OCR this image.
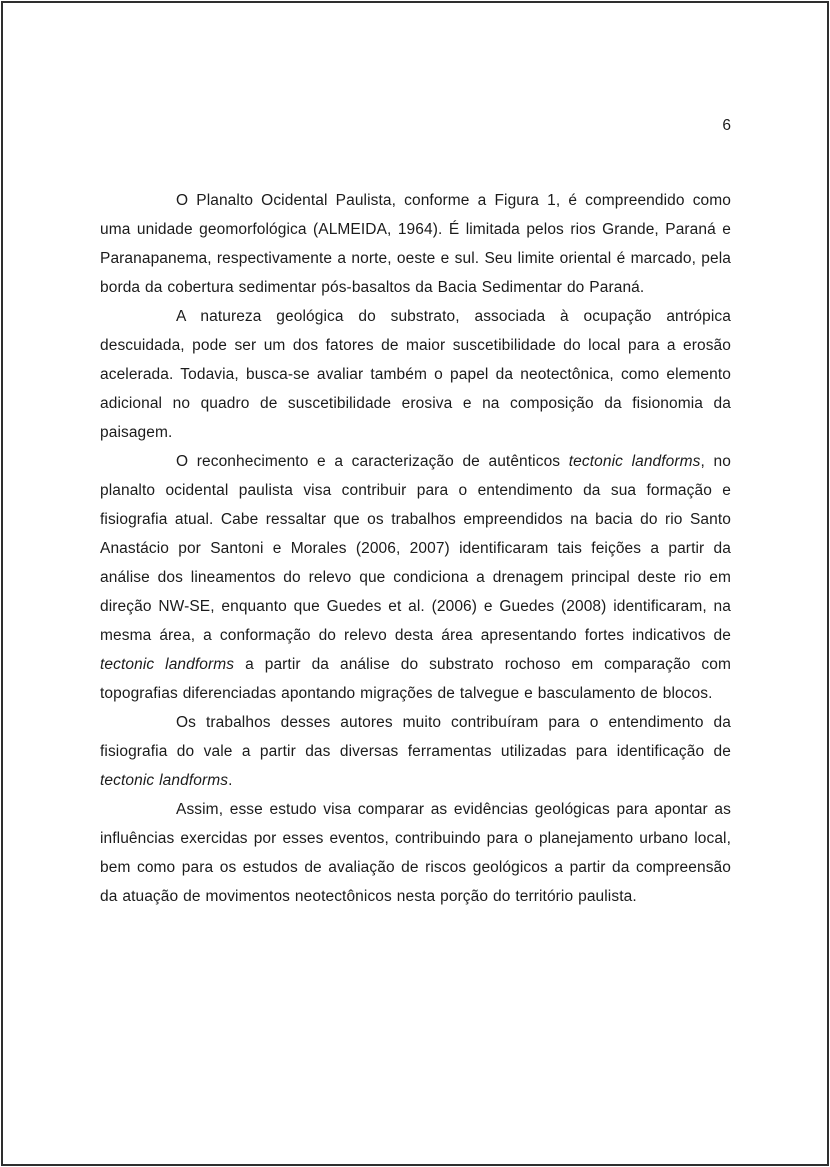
6

O Planalto Ocidental Paulista, conforme a Figura 1, é compreendido como uma unidade geomorfológica (ALMEIDA, 1964). É limitada pelos rios Grande, Paraná e Paranapanema, respectivamente a norte, oeste e sul. Seu limite oriental é marcado, pela borda da cobertura sedimentar pós-basaltos da Bacia Sedimentar do Paraná.

A natureza geológica do substrato, associada à ocupação antrópica descuidada, pode ser um dos fatores de maior suscetibilidade do local para a erosão acelerada. Todavia, busca-se avaliar também o papel da neotectônica, como elemento adicional no quadro de suscetibilidade erosiva e na composição da fisionomia da paisagem.

O reconhecimento e a caracterização de autênticos tectonic landforms, no planalto ocidental paulista visa contribuir para o entendimento da sua formação e fisiografia atual. Cabe ressaltar que os trabalhos empreendidos na bacia do rio Santo Anastácio por Santoni e Morales (2006, 2007) identificaram tais feições a partir da análise dos lineamentos do relevo que condiciona a drenagem principal deste rio em direção NW-SE, enquanto que Guedes et al. (2006) e Guedes (2008) identificaram, na mesma área, a conformação do relevo desta área apresentando fortes indicativos de tectonic landforms a partir da análise do substrato rochoso em comparação com topografias diferenciadas apontando migrações de talvegue e basculamento de blocos.

Os trabalhos desses autores muito contribuíram para o entendimento da fisiografia do vale a partir das diversas ferramentas utilizadas para identificação de tectonic landforms.

Assim, esse estudo visa comparar as evidências geológicas para apontar as influências exercidas por esses eventos, contribuindo para o planejamento urbano local, bem como para os estudos de avaliação de riscos geológicos a partir da compreensão da atuação de movimentos neotectônicos nesta porção do território paulista.
